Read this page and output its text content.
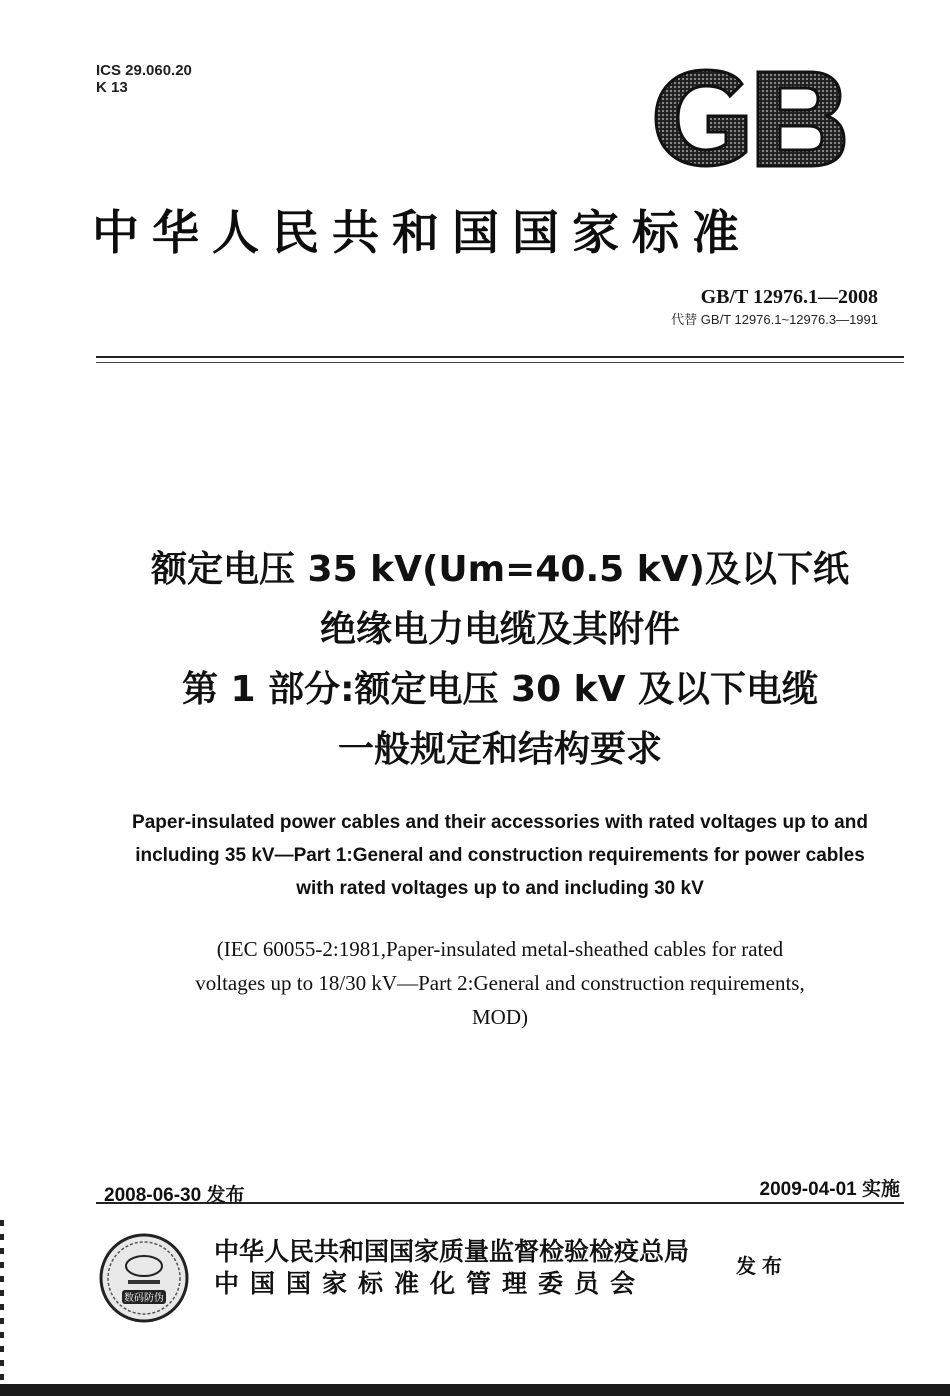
ICS 29.060.20
K 13
GB
中华人民共和国国家标准
GB/T 12976.1—2008
代替 GB/T 12976.1~12976.3—1991
额定电压 35 kV(Um=40.5 kV)及以下纸
绝缘电力电缆及其附件
第 1 部分:额定电压 30 kV 及以下电缆
一般规定和结构要求
Paper-insulated power cables and their accessories with rated voltages up to and
including 35 kV—Part 1:General and construction requirements for power cables
with rated voltages up to and including 30 kV
(IEC 60055-2:1981,Paper-insulated metal-sheathed cables for rated
voltages up to 18/30 kV—Part 2:General and construction requirements,
MOD)
2008-06-30 发布	2009-04-01 实施
数码防伪
中华人民共和国国家质量监督检验检疫总局
中国国家标准化管理委员会
发布
